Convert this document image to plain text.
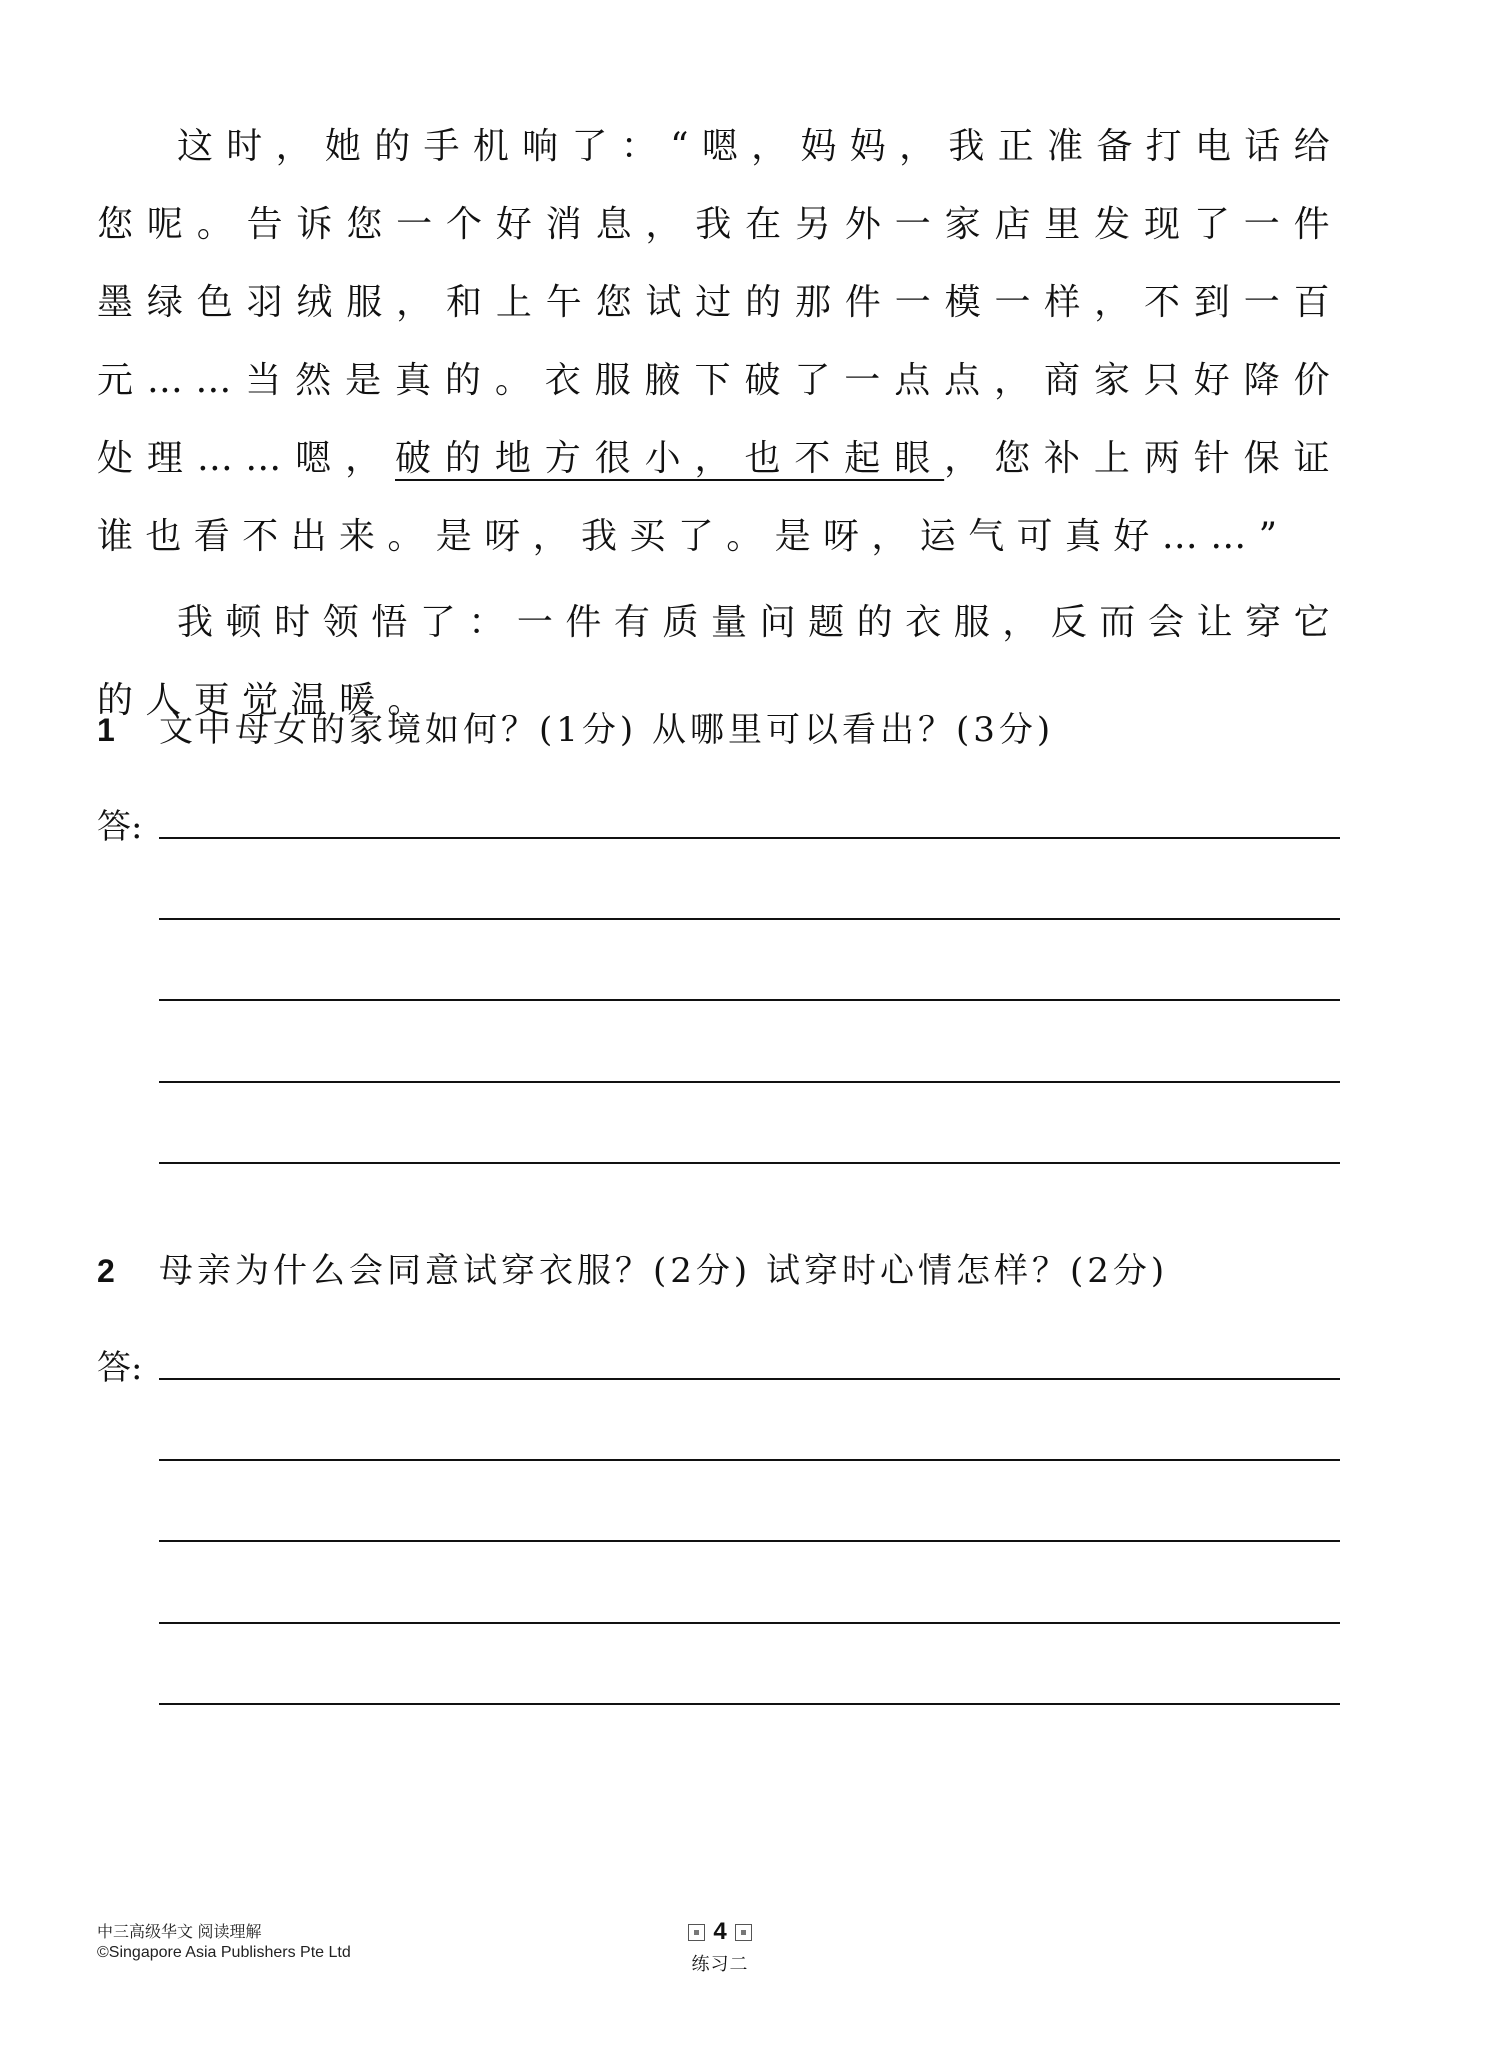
这时，她的手机响了：“嗯，妈妈，我正准备打电话给您呢。告诉您一个好消息，我在另外一家店里发现了一件墨绿色羽绒服，和上午您试过的那件一模一样，不到一百元……当然是真的。衣服腋下破了一点点，商家只好降价处理……嗯，破的地方很小，也不起眼，您补上两针保证谁也看不出来。是呀，我买了。是呀，运气可真好……”

我顿时领悟了：一件有质量问题的衣服，反而会让穿它的人更觉温暖。

1	文中母女的家境如何？(1分) 从哪里可以看出？(3分)
答:
2	母亲为什么会同意试穿衣服？(2分) 试穿时心情怎样？(2分)
答:
中三高级华文 阅读理解
©Singapore Asia Publishers Pte Ltd
4
练习二
